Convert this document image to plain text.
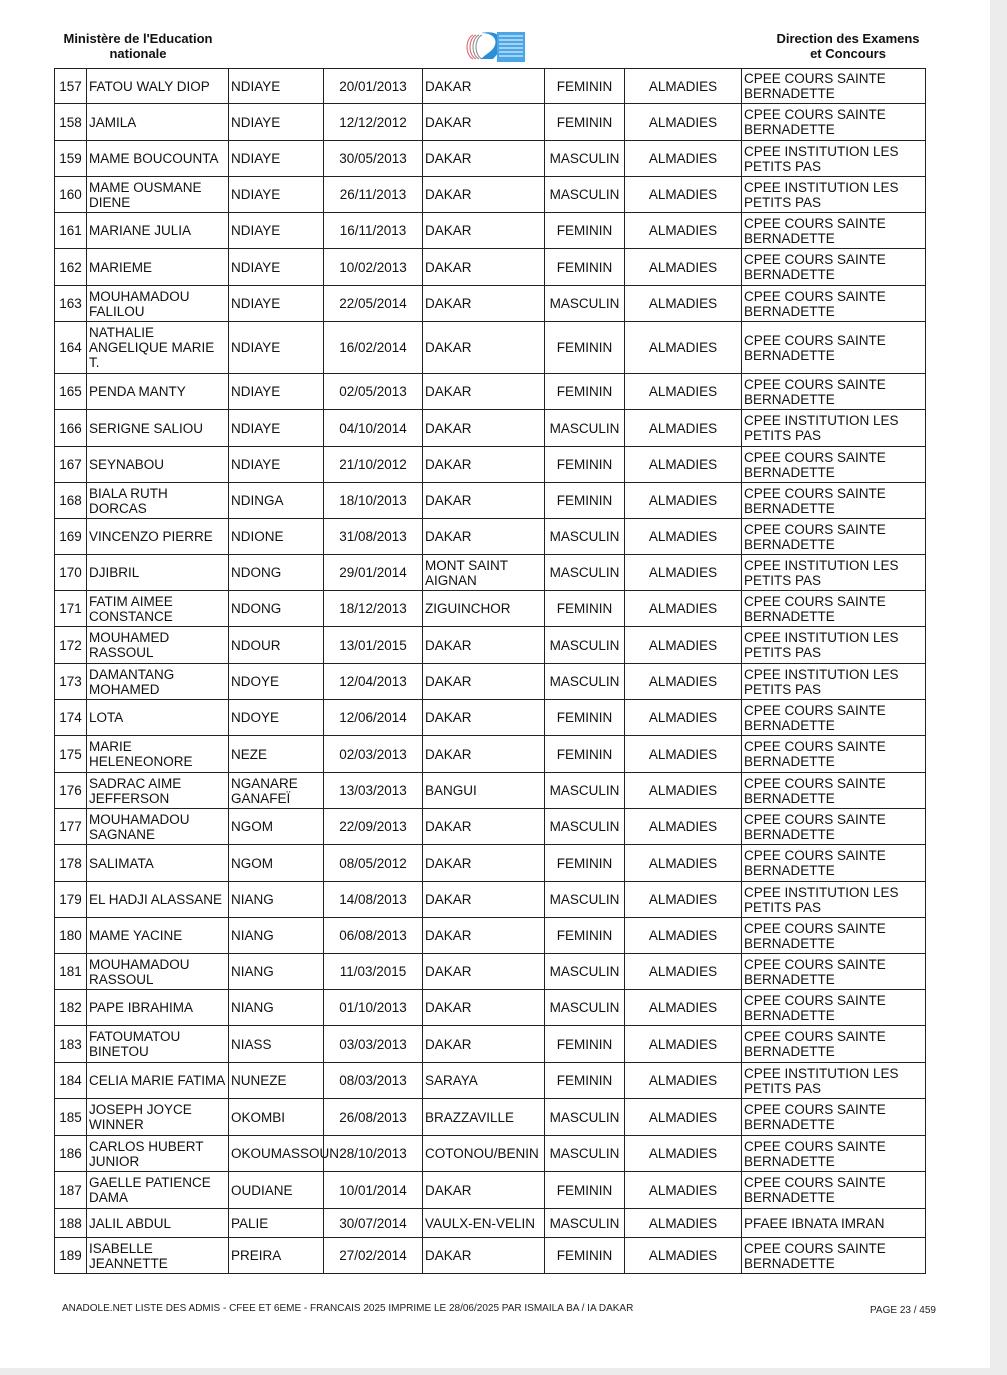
Ministère de l'Education
nationale
Direction des Examens
et Concours
157	FATOU WALY DIOP	NDIAYE	20/01/2013	DAKAR	FEMININ	ALMADIES	CPEE COURS SAINTE BERNADETTE
158	JAMILA	NDIAYE	12/12/2012	DAKAR	FEMININ	ALMADIES	CPEE COURS SAINTE BERNADETTE
159	MAME BOUCOUNTA	NDIAYE	30/05/2013	DAKAR	MASCULIN	ALMADIES	CPEE INSTITUTION LES PETITS PAS
160	MAME OUSMANE DIENE	NDIAYE	26/11/2013	DAKAR	MASCULIN	ALMADIES	CPEE INSTITUTION LES PETITS PAS
161	MARIANE JULIA	NDIAYE	16/11/2013	DAKAR	FEMININ	ALMADIES	CPEE COURS SAINTE BERNADETTE
162	MARIEME	NDIAYE	10/02/2013	DAKAR	FEMININ	ALMADIES	CPEE COURS SAINTE BERNADETTE
163	MOUHAMADOU FALILOU	NDIAYE	22/05/2014	DAKAR	MASCULIN	ALMADIES	CPEE COURS SAINTE BERNADETTE
164	NATHALIE ANGELIQUE MARIE T.	NDIAYE	16/02/2014	DAKAR	FEMININ	ALMADIES	CPEE COURS SAINTE BERNADETTE
165	PENDA MANTY	NDIAYE	02/05/2013	DAKAR	FEMININ	ALMADIES	CPEE COURS SAINTE BERNADETTE
166	SERIGNE SALIOU	NDIAYE	04/10/2014	DAKAR	MASCULIN	ALMADIES	CPEE INSTITUTION LES PETITS PAS
167	SEYNABOU	NDIAYE	21/10/2012	DAKAR	FEMININ	ALMADIES	CPEE COURS SAINTE BERNADETTE
168	BIALA RUTH DORCAS	NDINGA	18/10/2013	DAKAR	FEMININ	ALMADIES	CPEE COURS SAINTE BERNADETTE
169	VINCENZO PIERRE	NDIONE	31/08/2013	DAKAR	MASCULIN	ALMADIES	CPEE COURS SAINTE BERNADETTE
170	DJIBRIL	NDONG	29/01/2014	MONT SAINT AIGNAN	MASCULIN	ALMADIES	CPEE INSTITUTION LES PETITS PAS
171	FATIM AIMEE CONSTANCE	NDONG	18/12/2013	ZIGUINCHOR	FEMININ	ALMADIES	CPEE COURS SAINTE BERNADETTE
172	MOUHAMED RASSOUL	NDOUR	13/01/2015	DAKAR	MASCULIN	ALMADIES	CPEE INSTITUTION LES PETITS PAS
173	DAMANTANG MOHAMED	NDOYE	12/04/2013	DAKAR	MASCULIN	ALMADIES	CPEE INSTITUTION LES PETITS PAS
174	LOTA	NDOYE	12/06/2014	DAKAR	FEMININ	ALMADIES	CPEE COURS SAINTE BERNADETTE
175	MARIE HELENEONORE	NEZE	02/03/2013	DAKAR	FEMININ	ALMADIES	CPEE COURS SAINTE BERNADETTE
176	SADRAC AIME JEFFERSON	NGANARE GANAFEÏ	13/03/2013	BANGUI	MASCULIN	ALMADIES	CPEE COURS SAINTE BERNADETTE
177	MOUHAMADOU SAGNANE	NGOM	22/09/2013	DAKAR	MASCULIN	ALMADIES	CPEE COURS SAINTE BERNADETTE
178	SALIMATA	NGOM	08/05/2012	DAKAR	FEMININ	ALMADIES	CPEE COURS SAINTE BERNADETTE
179	EL HADJI ALASSANE	NIANG	14/08/2013	DAKAR	MASCULIN	ALMADIES	CPEE INSTITUTION LES PETITS PAS
180	MAME YACINE	NIANG	06/08/2013	DAKAR	FEMININ	ALMADIES	CPEE COURS SAINTE BERNADETTE
181	MOUHAMADOU RASSOUL	NIANG	11/03/2015	DAKAR	MASCULIN	ALMADIES	CPEE COURS SAINTE BERNADETTE
182	PAPE IBRAHIMA	NIANG	01/10/2013	DAKAR	MASCULIN	ALMADIES	CPEE COURS SAINTE BERNADETTE
183	FATOUMATOU BINETOU	NIASS	03/03/2013	DAKAR	FEMININ	ALMADIES	CPEE COURS SAINTE BERNADETTE
184	CELIA MARIE FATIMA	NUNEZE	08/03/2013	SARAYA	FEMININ	ALMADIES	CPEE INSTITUTION LES PETITS PAS
185	JOSEPH JOYCE WINNER	OKOMBI	26/08/2013	BRAZZAVILLE	MASCULIN	ALMADIES	CPEE COURS SAINTE BERNADETTE
186	CARLOS HUBERT JUNIOR	OKOUMASSOUN	28/10/2013	COTONOU/BENIN	MASCULIN	ALMADIES	CPEE COURS SAINTE BERNADETTE
187	GAELLE PATIENCE DAMA	OUDIANE	10/01/2014	DAKAR	FEMININ	ALMADIES	CPEE COURS SAINTE BERNADETTE
188	JALIL ABDUL	PALIE	30/07/2014	VAULX-EN-VELIN	MASCULIN	ALMADIES	PFAEE IBNATA IMRAN
189	ISABELLE JEANNETTE	PREIRA	27/02/2014	DAKAR	FEMININ	ALMADIES	CPEE COURS SAINTE BERNADETTE
ANADOLE.NET LISTE DES ADMIS - CFEE ET 6EME - FRANCAIS 2025 IMPRIME LE 28/06/2025 PAR ISMAILA BA / IA DAKAR	PAGE 23 / 459
